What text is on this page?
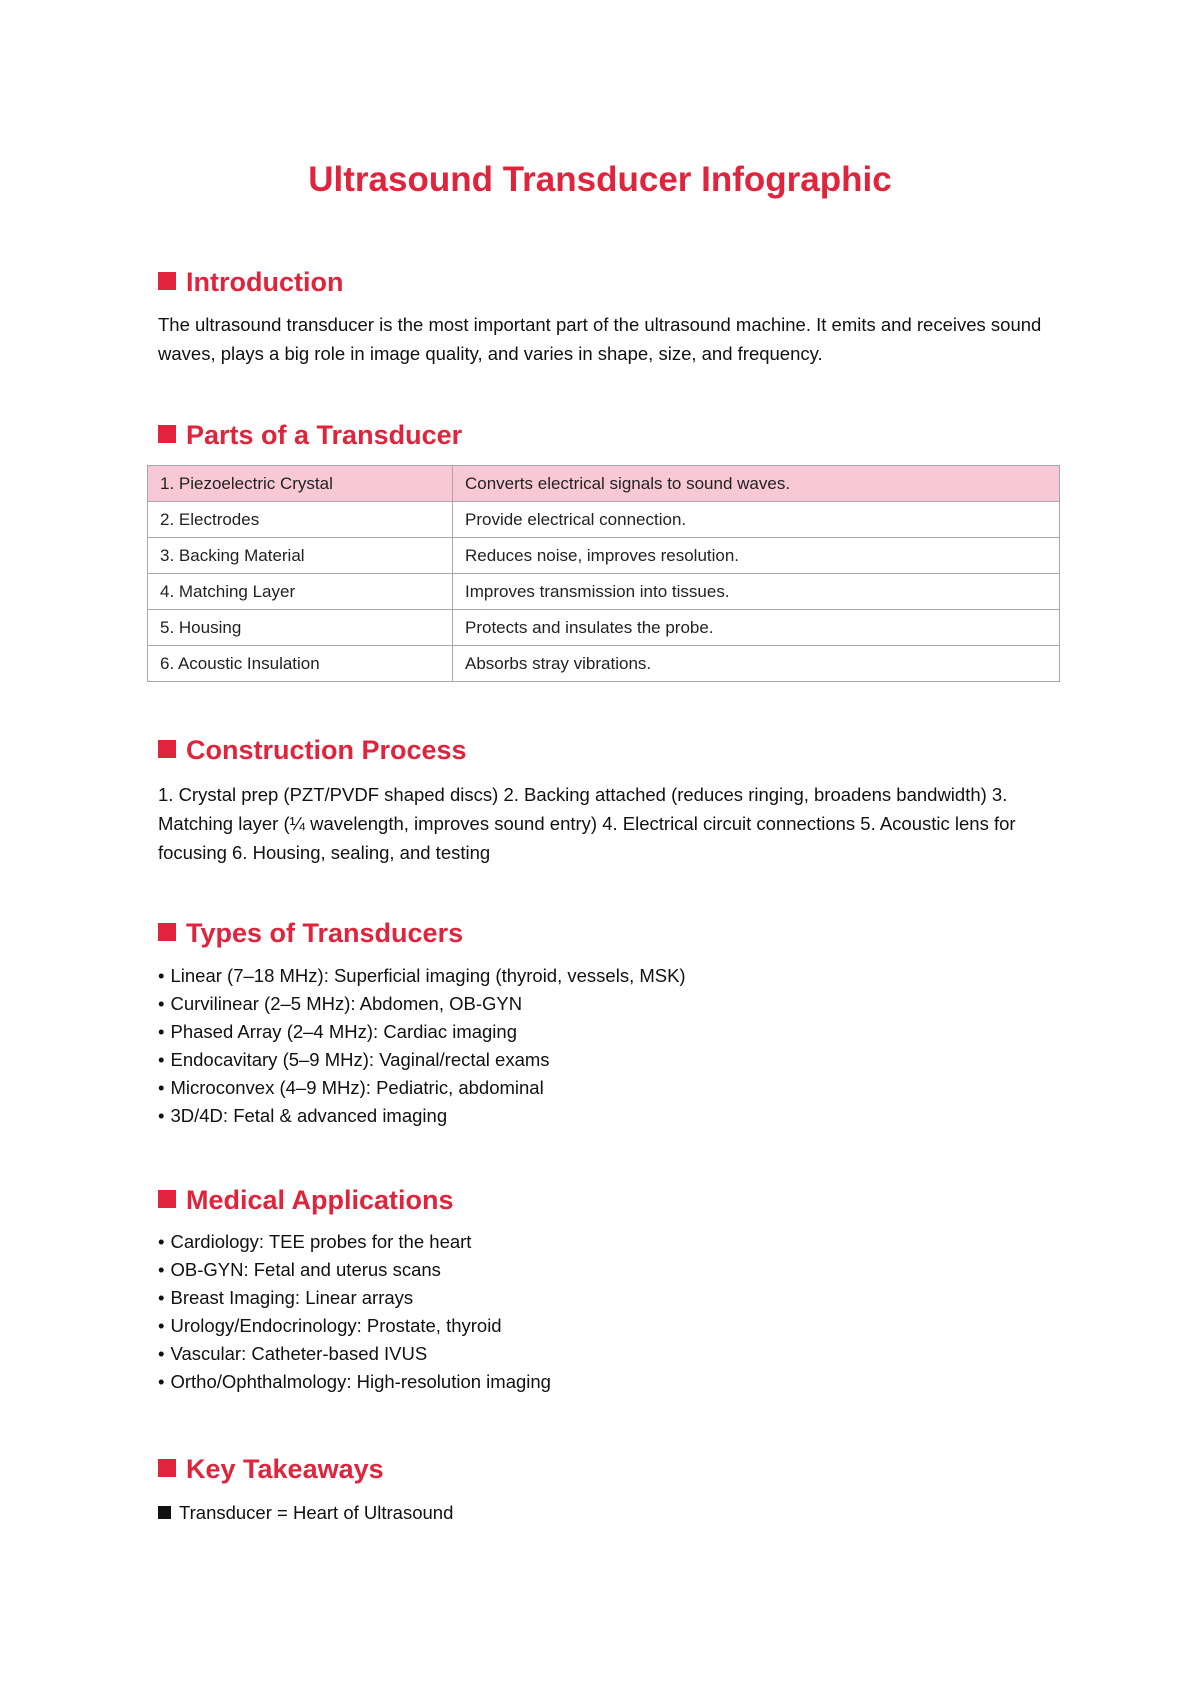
Ultrasound Transducer Infographic
Introduction
The ultrasound transducer is the most important part of the ultrasound machine. It emits and receives sound waves, plays a big role in image quality, and varies in shape, size, and frequency.
Parts of a Transducer
1. Piezoelectric Crystal	Converts electrical signals to sound waves.
2. Electrodes	Provide electrical connection.
3. Backing Material	Reduces noise, improves resolution.
4. Matching Layer	Improves transmission into tissues.
5. Housing	Protects and insulates the probe.
6. Acoustic Insulation	Absorbs stray vibrations.
Construction Process
1. Crystal prep (PZT/PVDF shaped discs) 2. Backing attached (reduces ringing, broadens bandwidth) 3. Matching layer (¼ wavelength, improves sound entry) 4. Electrical circuit connections 5. Acoustic lens for focusing 6. Housing, sealing, and testing
Types of Transducers
• Linear (7–18 MHz): Superficial imaging (thyroid, vessels, MSK)
• Curvilinear (2–5 MHz): Abdomen, OB-GYN
• Phased Array (2–4 MHz): Cardiac imaging
• Endocavitary (5–9 MHz): Vaginal/rectal exams
• Microconvex (4–9 MHz): Pediatric, abdominal
• 3D/4D: Fetal & advanced imaging
Medical Applications
• Cardiology: TEE probes for the heart
• OB-GYN: Fetal and uterus scans
• Breast Imaging: Linear arrays
• Urology/Endocrinology: Prostate, thyroid
• Vascular: Catheter-based IVUS
• Ortho/Ophthalmology: High-resolution imaging
Key Takeaways
Transducer = Heart of Ultrasound
